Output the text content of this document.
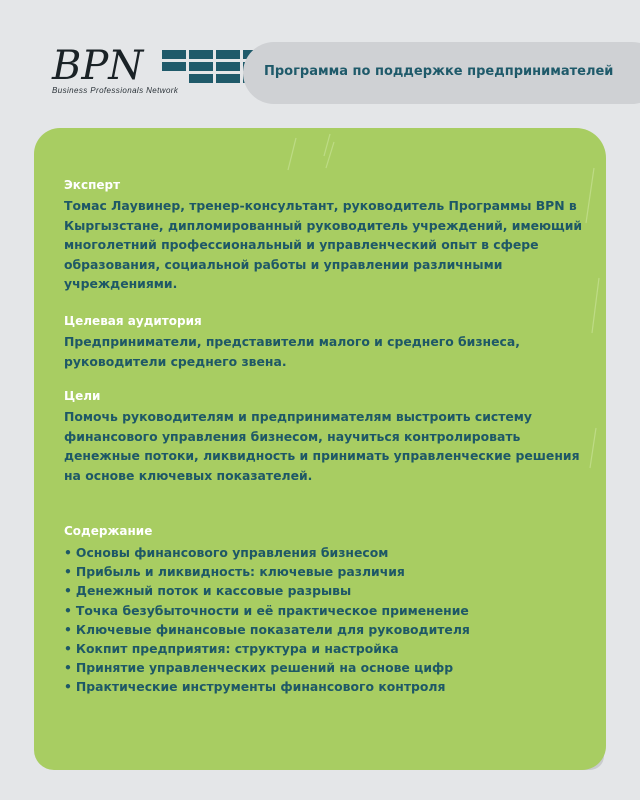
BPN
Business Professionals Network
Программа по поддержке предпринимателей
Эксперт
Томас Лаувинер, тренер-консультант, руководитель Программы BPN в Кыргызстане, дипломированный руководитель учреждений, имеющий многолетний профессиональный и управленческий опыт в сфере образования, социальной работы и управлении различными учреждениями.
Целевая аудитория
Предприниматели, представители малого и среднего бизнеса, руководители среднего звена.
Цели
Помочь руководителям и предпринимателям выстроить систему финансового управления бизнесом, научиться контролировать денежные потоки, ликвидность и принимать управленческие решения на основе ключевых показателей.
Содержание
• Основы финансового управления бизнесом
• Прибыль и ликвидность: ключевые различия
• Денежный поток и кассовые разрывы
• Точка безубыточности и её практическое применение
• Ключевые финансовые показатели для руководителя
• Кокпит предприятия: структура и настройка
• Принятие управленческих решений на основе цифр
• Практические инструменты финансового контроля
